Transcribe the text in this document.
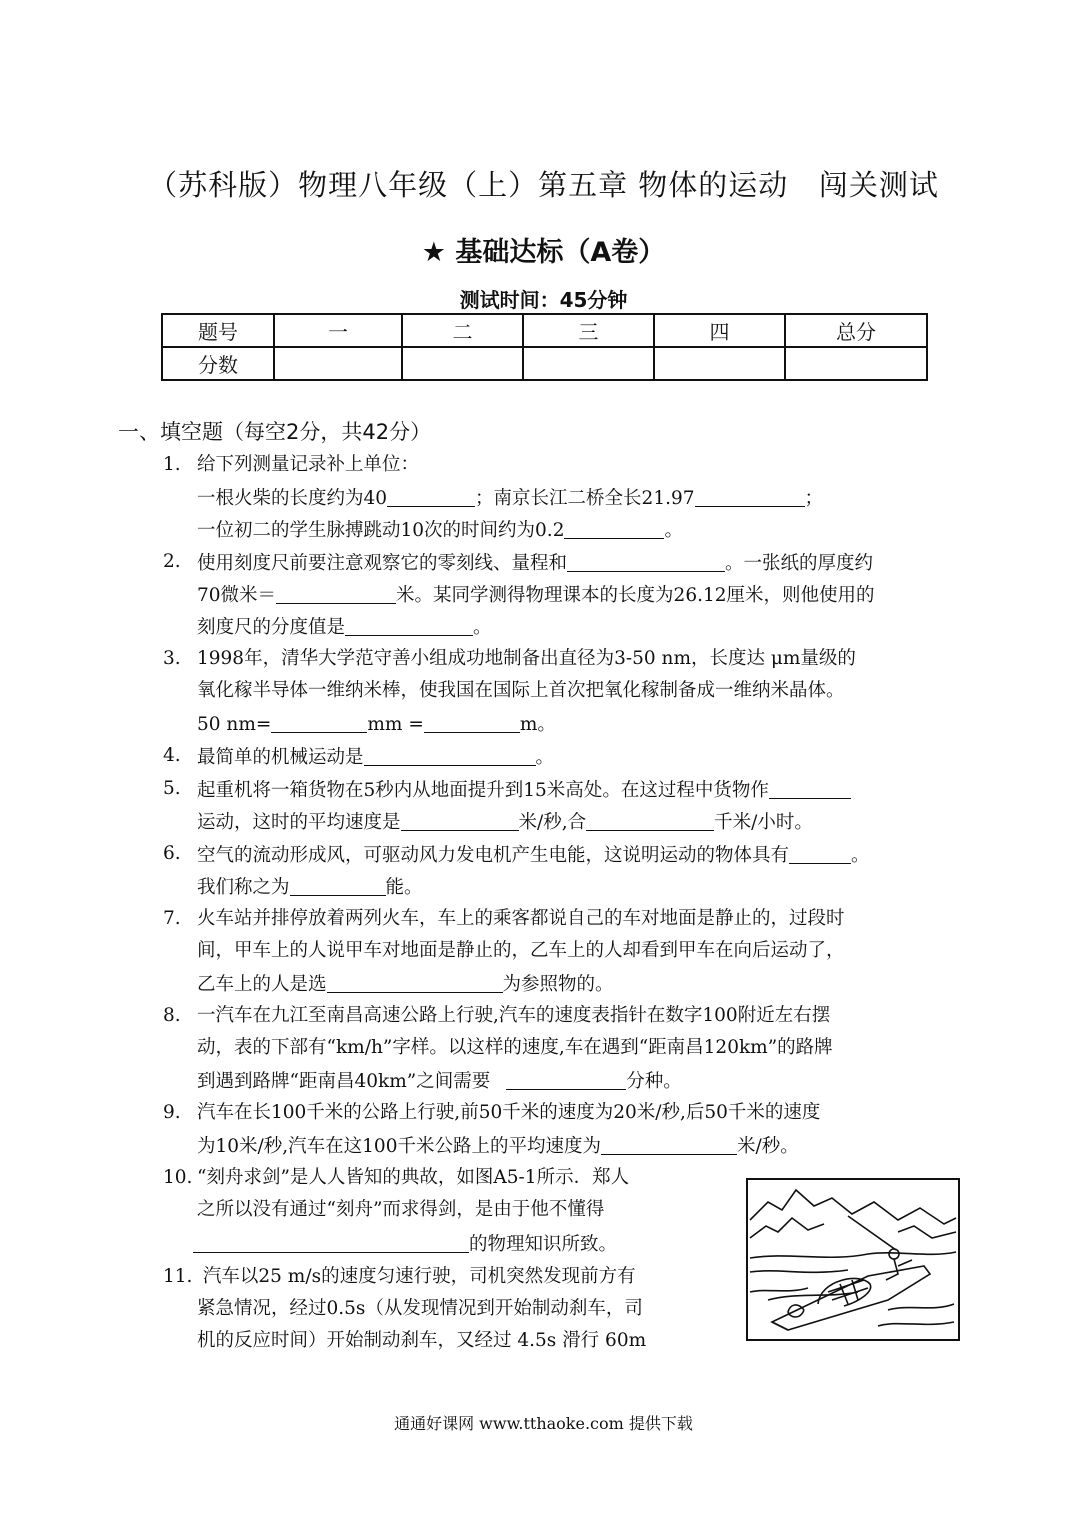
（苏科版）物理八年级（上）第五章 物体的运动   闯关测试
★ 基础达标（A卷）
测试时间：45分钟
题号	一	二	三	四	总分
分数					
一、填空题（每空2分，共42分）
1. 给下列测量记录补上单位：
一根火柴的长度约为40	；南京长江二桥全长21.97	；
一位初二的学生脉搏跳动10次的时间约为0.2	。
2. 使用刻度尺前要注意观察它的零刻线、量程和	。一张纸的厚度约
70微米＝	米。某同学测得物理课本的长度为26.12厘米，则他使用的
刻度尺的分度值是	。
3. 1998年，清华大学范守善小组成功地制备出直径为3-50 nm，长度达 μm量级的
氧化稼半导体一维纳米棒，使我国在国际上首次把氧化稼制备成一维纳米晶体。
50 nm=	mm =	m。
4. 最简单的机械运动是	。
5. 起重机将一箱货物在5秒内从地面提升到15米高处。在这过程中货物作
运动，这时的平均速度是	米/秒,合	千米/小时。
6. 空气的流动形成风，可驱动风力发电机产生电能，这说明运动的物体具有	。
我们称之为	能。
7. 火车站并排停放着两列火车，车上的乘客都说自己的车对地面是静止的，过段时
间，甲车上的人说甲车对地面是静止的，乙车上的人却看到甲车在向后运动了，
乙车上的人是选	为参照物的。
8. 一汽车在九江至南昌高速公路上行驶,汽车的速度表指针在数字100附近左右摆
动，表的下部有“km/h”字样。以这样的速度,车在遇到“距南昌120km”的路牌
到遇到路牌“距南昌40km”之间需要	分种。
9. 汽车在长100千米的公路上行驶,前50千米的速度为20米/秒,后50千米的速度
为10米/秒,汽车在这100千米公路上的平均速度为	米/秒。
10. “刻舟求剑”是人人皆知的典故，如图A5-1所示．郑人
之所以没有通过“刻舟”而求得剑，是由于他不懂得
的物理知识所致。
11. 汽车以25 m/s的速度匀速行驶，司机突然发现前方有
紧急情况，经过0.5s（从发现情况到开始制动刹车，司
机的反应时间）开始制动刹车，又经过 4.5s 滑行 60m
通通好课网 www.tthaoke.com 提供下载
